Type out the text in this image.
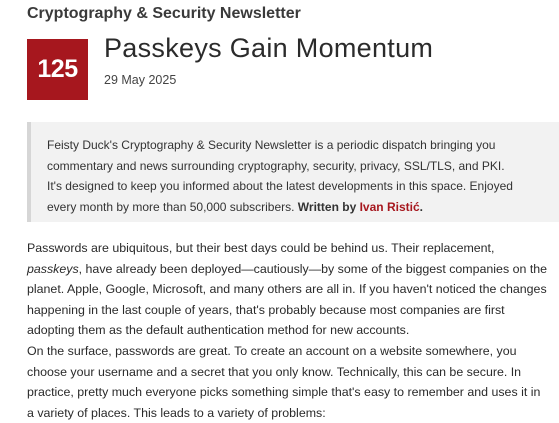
Cryptography & Security Newsletter
125
Passkeys Gain Momentum
29 May 2025
Feisty Duck's Cryptography & Security Newsletter is a periodic dispatch bringing you
commentary and news surrounding cryptography, security, privacy, SSL/TLS, and PKI.
It's designed to keep you informed about the latest developments in this space. Enjoyed
every month by more than 50,000 subscribers. Written by Ivan Ristić.
Passwords are ubiquitous, but their best days could be behind us. Their replacement,
passkeys, have already been deployed—cautiously—by some of the biggest companies on the
planet. Apple, Google, Microsoft, and many others are all in. If you haven't noticed the changes
happening in the last couple of years, that's probably because most companies are first
adopting them as the default authentication method for new accounts.
On the surface, passwords are great. To create an account on a website somewhere, you
choose your username and a secret that you only know. Technically, this can be secure. In
practice, pretty much everyone picks something simple that's easy to remember and uses it in
a variety of places. This leads to a variety of problems:
